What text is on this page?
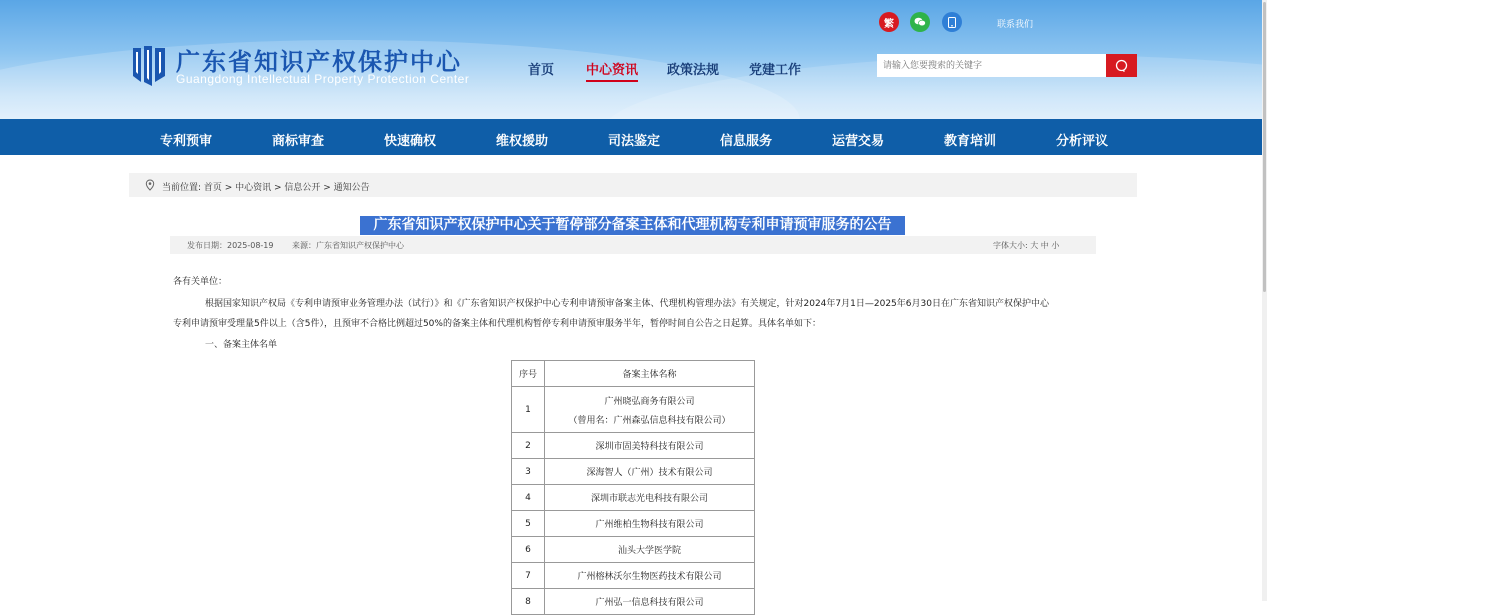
广东省知识产权保护中心
Guangdong Intellectual Property Protection Center
首页 中心资讯 政策法规 党建工作
繁	联系我们
请输入您要搜索的关键字
专利预审	商标审查	快速确权	维权援助	司法鉴定	信息服务	运营交易	教育培训	分析评议
当前位置: 首页 > 中心资讯 > 信息公开 > 通知公告
广东省知识产权保护中心关于暂停部分备案主体和代理机构专利申请预审服务的公告
发布日期：2025-08-19 来源：广东省知识产权保护中心	字体大小: 大 中 小
各有关单位：
根据国家知识产权局《专利申请预审业务管理办法（试行）》和《广东省知识产权保护中心专利申请预审备案主体、代理机构管理办法》有关规定，针对2024年7月1日—2025年6月30日在广东省知识产权保护中心
专利申请预审受理量5件以上（含5件），且预审不合格比例超过50%的备案主体和代理机构暂停专利申请预审服务半年，暂停时间自公告之日起算。具体名单如下：
一、备案主体名单
序号	备案主体名称
1	广州晓弘商务有限公司
（曾用名：广州森弘信息科技有限公司）

2	深圳市固美特科技有限公司
3	深海智人（广州）技术有限公司
4	深圳市联志光电科技有限公司
5	广州维柏生物科技有限公司
6	汕头大学医学院
7	广州榕林沃尔生物医药技术有限公司
8	广州弘一信息科技有限公司
